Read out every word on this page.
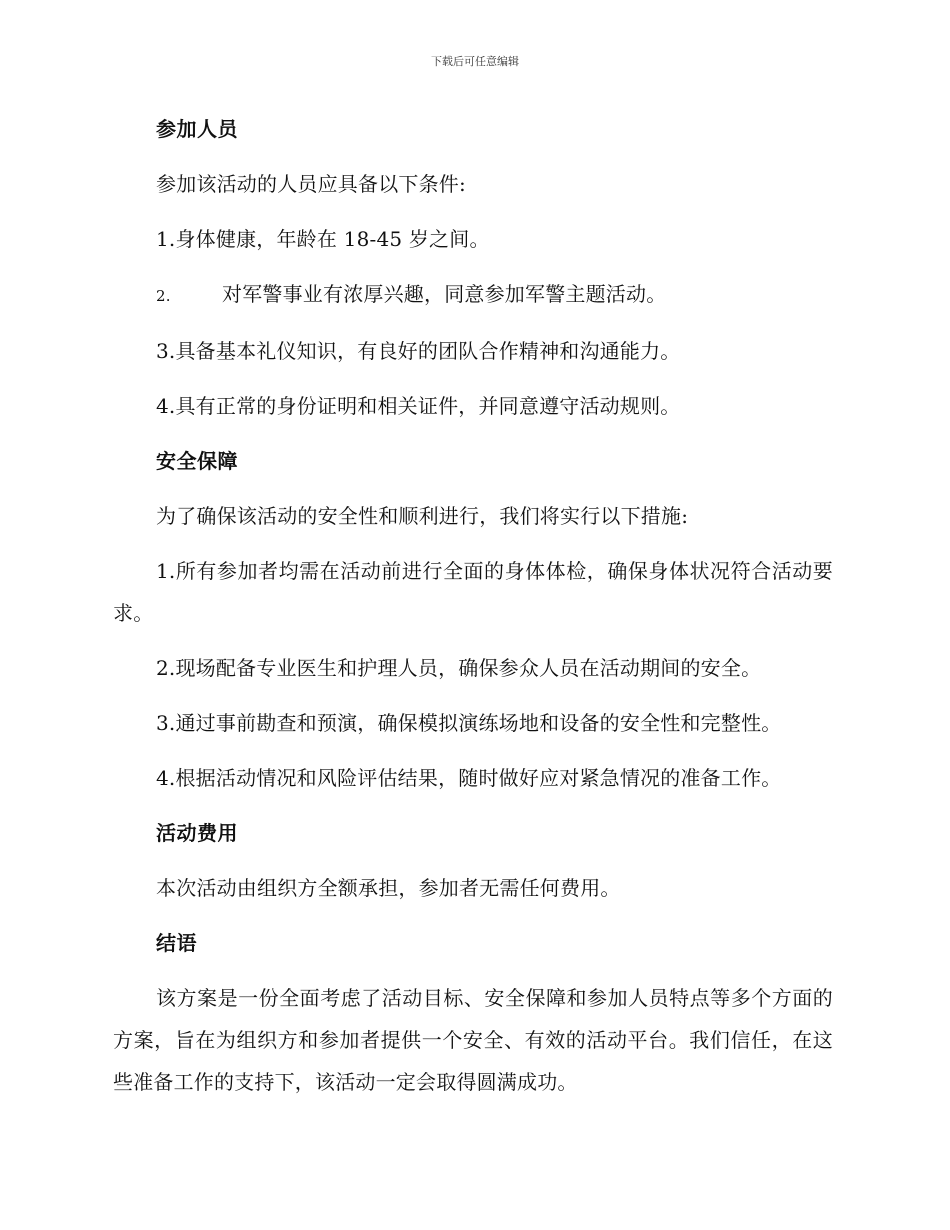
下载后可任意编辑
参加人员
参加该活动的人员应具备以下条件:
1.身体健康，年龄在 18-45 岁之间。
2.	对军警事业有浓厚兴趣，同意参加军警主题活动。
3.具备基本礼仪知识，有良好的团队合作精神和沟通能力。
4.具有正常的身份证明和相关证件，并同意遵守活动规则。
安全保障
为了确保该活动的安全性和顺利进行，我们将实行以下措施:
1.所有参加者均需在活动前进行全面的身体体检，确保身体状况符合活动要求。
2.现场配备专业医生和护理人员，确保参众人员在活动期间的安全。
3.通过事前勘查和预演，确保模拟演练场地和设备的安全性和完整性。
4.根据活动情况和风险评估结果，随时做好应对紧急情况的准备工作。
活动费用
本次活动由组织方全额承担，参加者无需任何费用。
结语
该方案是一份全面考虑了活动目标、安全保障和参加人员特点等多个方面的方案，旨在为组织方和参加者提供一个安全、有效的活动平台。我们信任，在这些准备工作的支持下，该活动一定会取得圆满成功。
